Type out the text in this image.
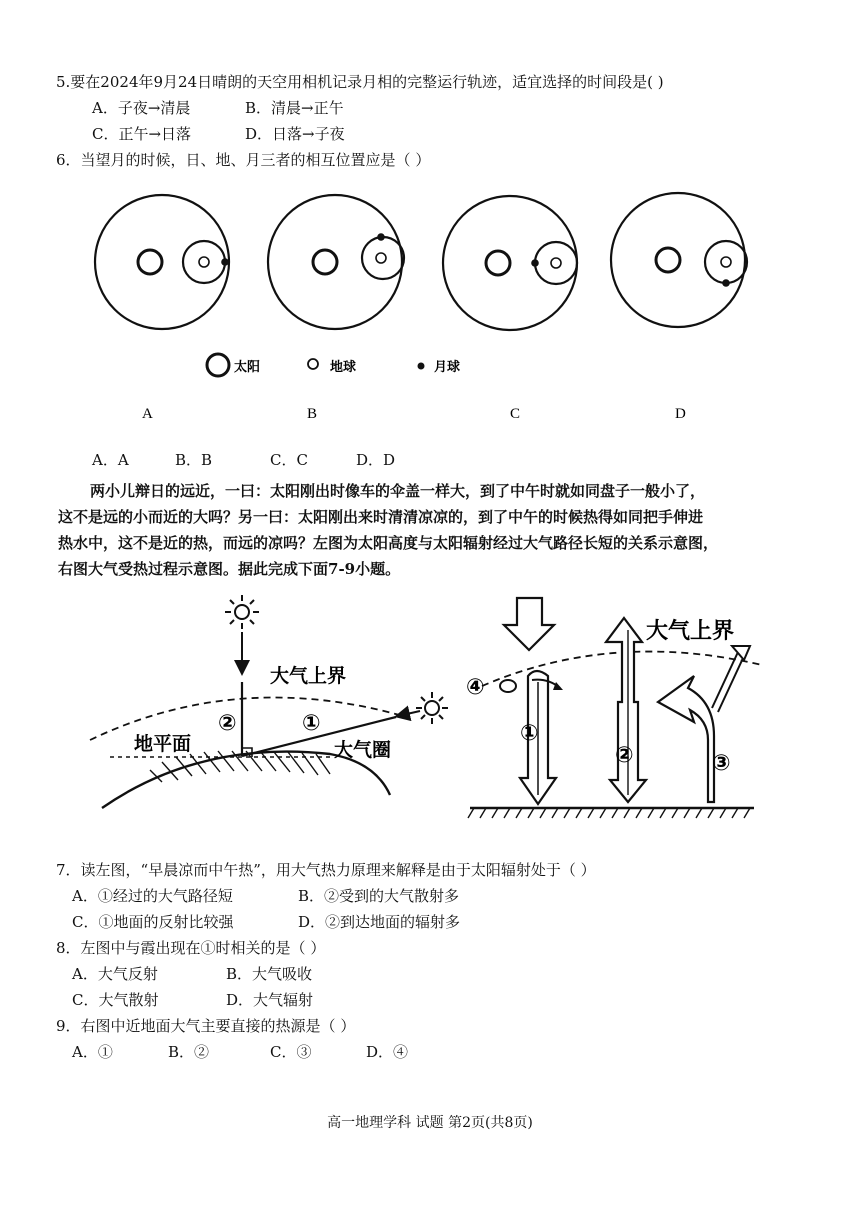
5.要在2024年9月24日晴朗的天空用相机记录月相的完整运行轨迹，适宜选择的时间段是( )
A．子夜→清晨	B．清晨→正午
C．正午→日落	D．日落→子夜
6．当望月的时候，日、地、月三者的相互位置应是（ ）
太阳	地球	月球
A	B	C	D
A．A	B．B	C．C	D．D

两小儿辩日的远近，一曰：太阳刚出时像车的伞盖一样大，到了中午时就如同盘子一般小了，

这不是远的小而近的大吗？另一曰：太阳刚出来时清清凉凉的，到了中午的时候热得如同把手伸进

热水中，这不是近的热，而远的凉吗？左图为太阳高度与太阳辐射经过大气路径长短的关系示意图，

右图大气受热过程示意图。据此完成下面7-9小题。

大气上界
地平面	大气圈
②	①	①
④
②
大气上界
③
7．读左图，“早晨凉而中午热”，用大气热力原理来解释是由于太阳辐射处于（ ）
A．①经过的大气路径短	B．②受到的大气散射多
C．①地面的反射比较强	D．②到达地面的辐射多
8．左图中与霞出现在①时相关的是（ ）
A．大气反射	B．大气吸收
C．大气散射	D．大气辐射
9．右图中近地面大气主要直接的热源是（ ）
A．①	B．②	C．③	D．④
高一地理学科 试题 第2页(共8页)
